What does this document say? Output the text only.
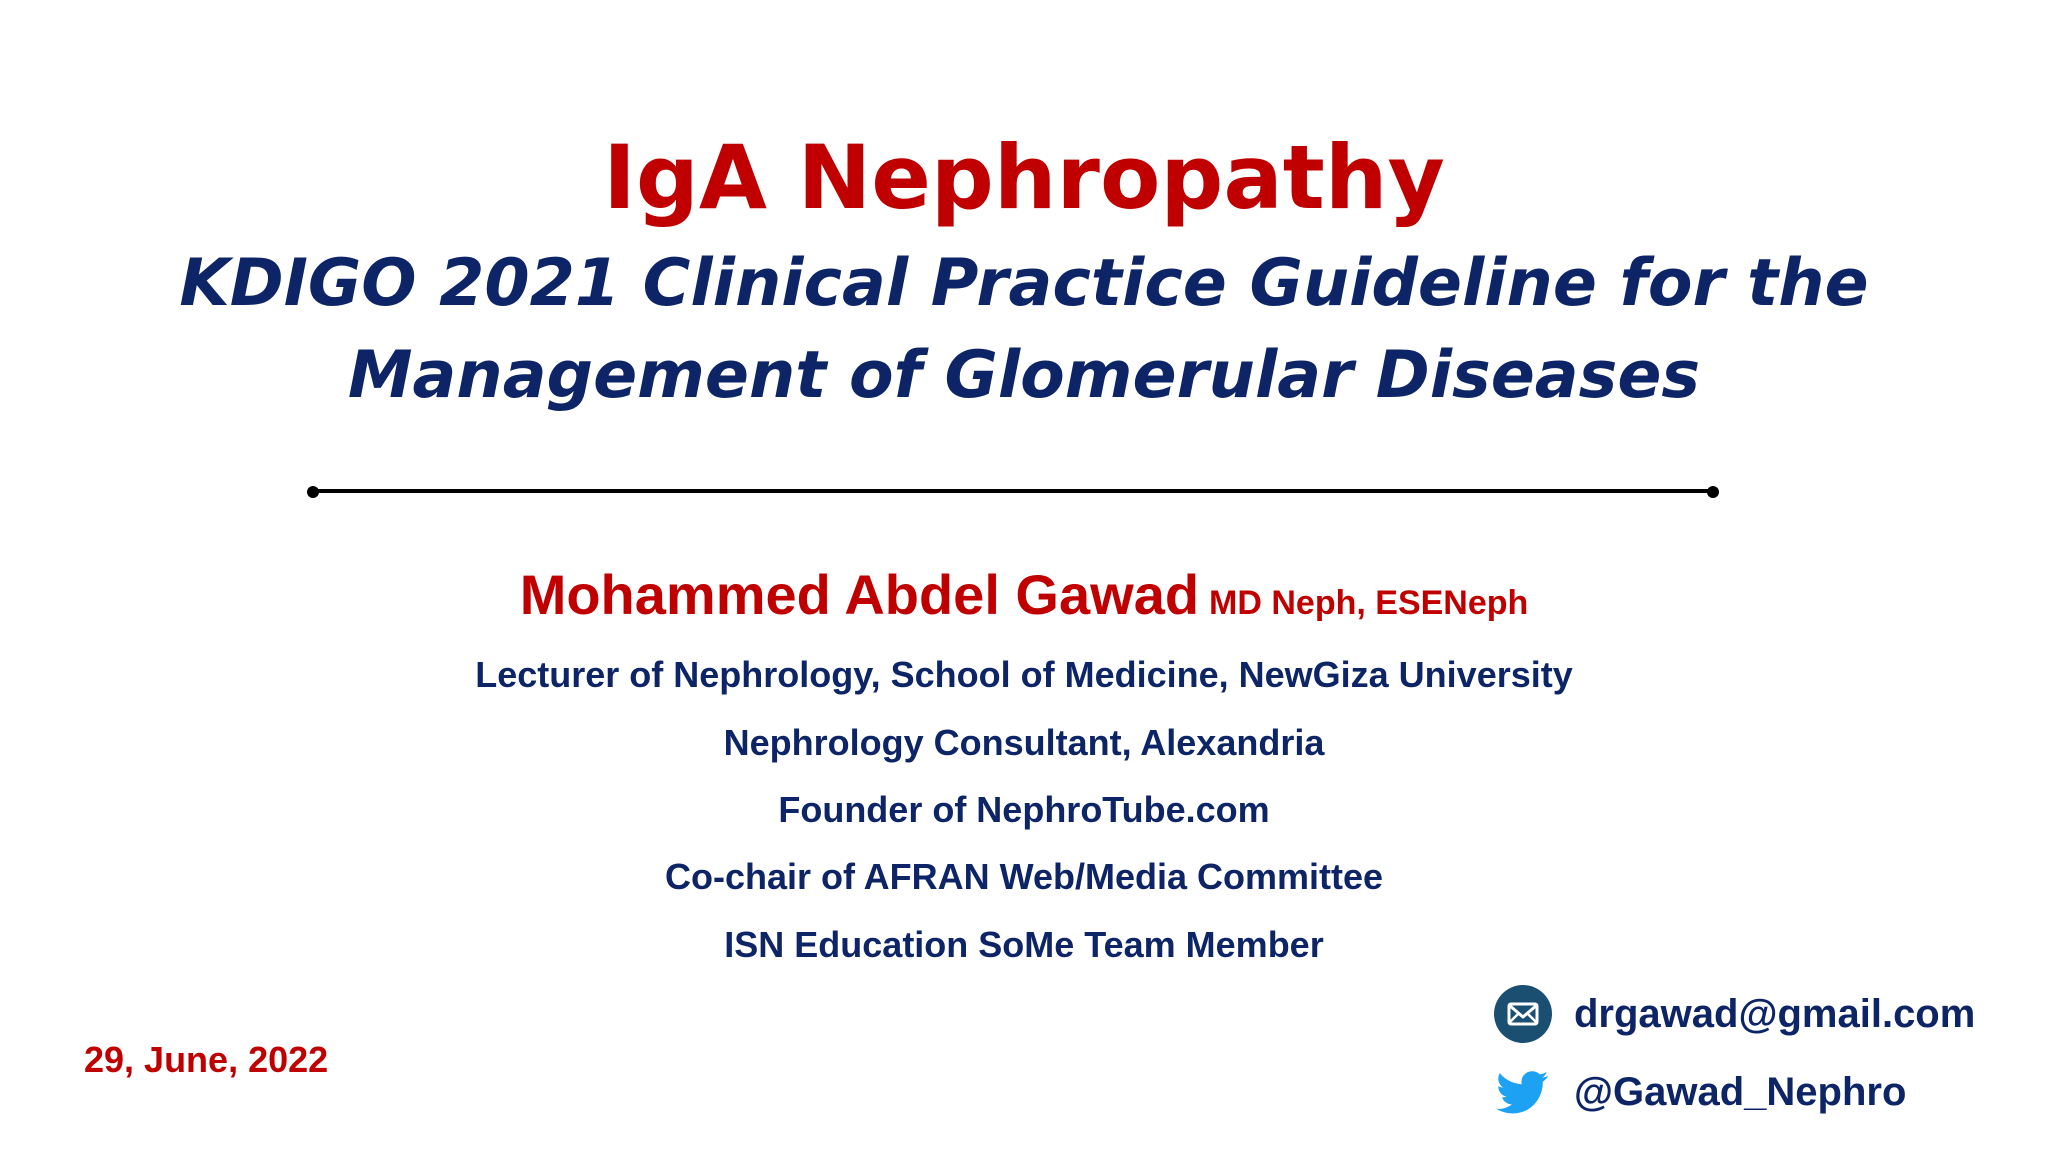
IgA Nephropathy
KDIGO 2021 Clinical Practice Guideline for the
Management of Glomerular Diseases
Mohammed Abdel Gawad MD Neph, ESENeph
Lecturer of Nephrology, School of Medicine, NewGiza University
Nephrology Consultant, Alexandria
Founder of NephroTube.com
Co-chair of AFRAN Web/Media Committee
ISN Education SoMe Team Member
29, June, 2022
drgawad@gmail.com
@Gawad_Nephro
